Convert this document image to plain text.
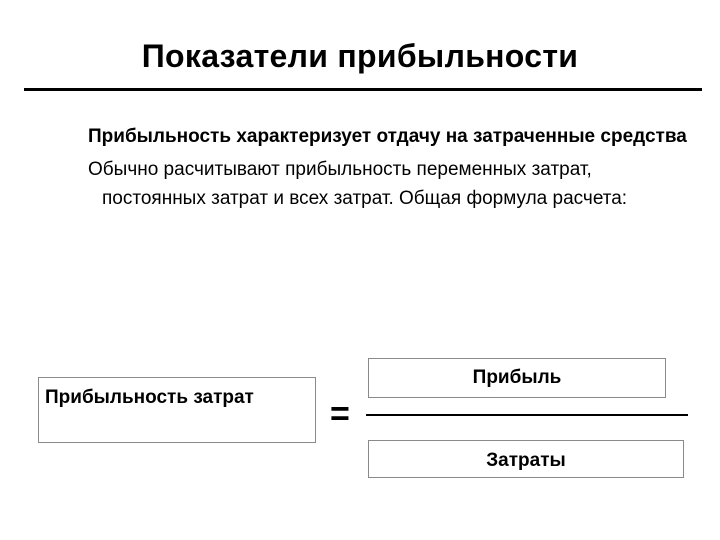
Показатели прибыльности

Прибыльность характеризует отдачу на затраченные средства

Обычно расчитывают прибыльность переменных затрат, постоянных затрат и всех затрат. Общая формула расчета:

Прибыльность затрат	=
Прибыль
Затраты
